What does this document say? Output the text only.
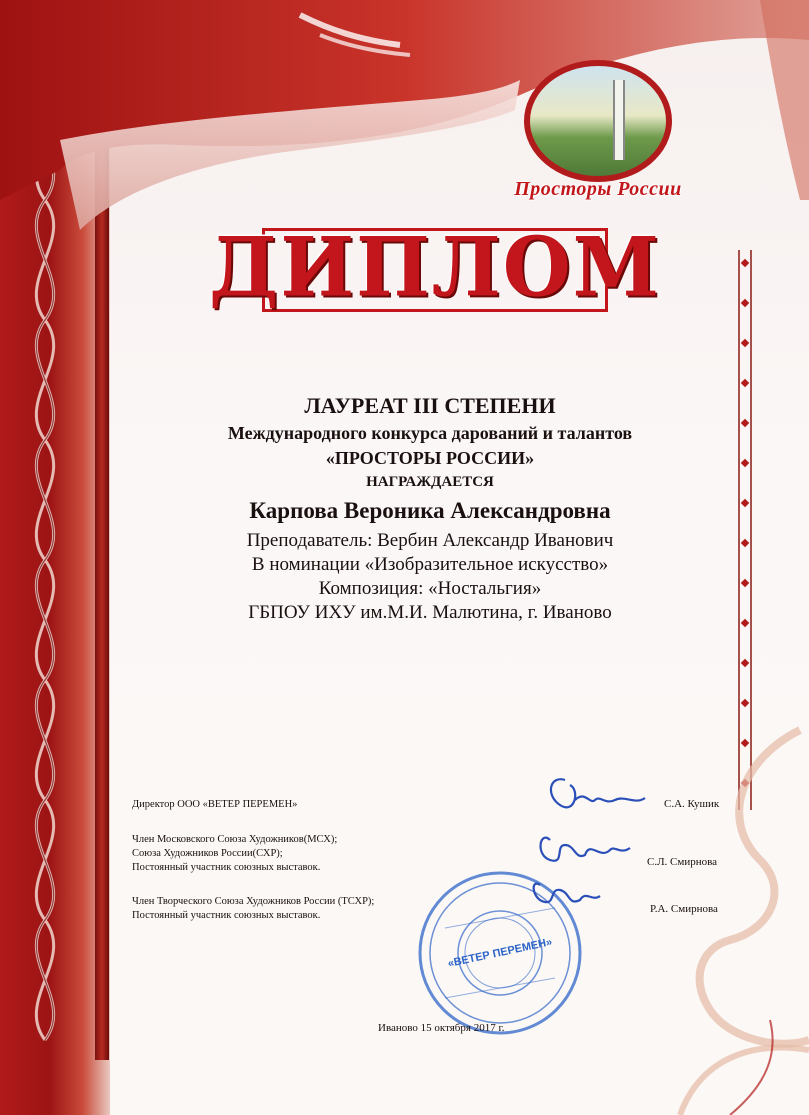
Просторы России
ДИПЛОМ
ЛАУРЕАТ III СТЕПЕНИ
Международного конкурса дарований и талантов
«ПРОСТОРЫ РОССИИ»
НАГРАЖДАЕТСЯ
Карпова Вероника Александровна
Преподаватель: Вербин Александр Иванович
В номинации «Изобразительное искусство»
Композиция: «Ностальгия»
ГБПОУ ИХУ им.М.И. Малютина, г. Иваново
Директор ООО «ВЕТЕР ПЕРЕМЕН»
Член Московского Союза Художников(МСХ);
Союза Художников России(СХР);
Постоянный участник союзных выставок.
Член Творческого Союза Художников России (ТСХР);
Постоянный участник союзных выставок.
«ВЕТЕР ПЕРЕМЕН»
С.А. Кушик
С.Л. Смирнова
Р.А. Смирнова
Иваново 15 октября 2017 г.
